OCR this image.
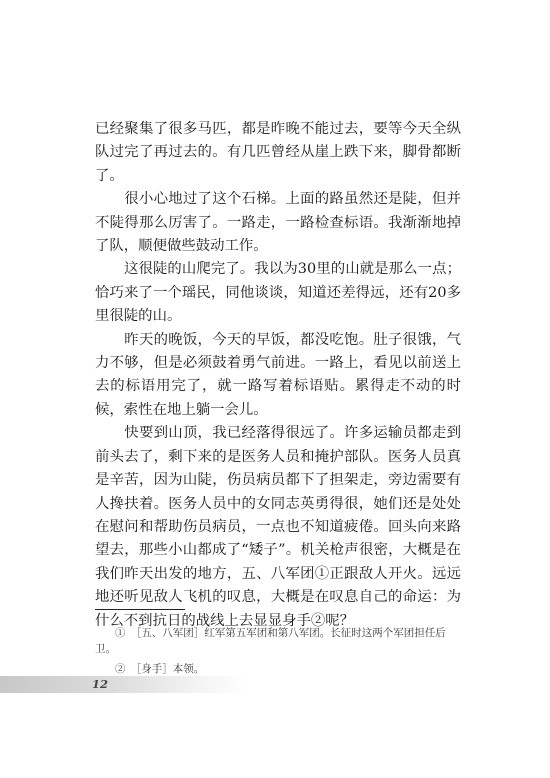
已经聚集了很多马匹，都是昨晚不能过去，要等今天全纵队过完了再过去的。有几匹曾经从崖上跌下来，脚骨都断了。

　　很小心地过了这个石梯。上面的路虽然还是陡，但并不陡得那么厉害了。一路走，一路检查标语。我渐渐地掉了队，顺便做些鼓动工作。

　　这很陡的山爬完了。我以为30里的山就是那么一点；恰巧来了一个瑶民，同他谈谈，知道还差得远，还有20多里很陡的山。

　　昨天的晚饭，今天的早饭，都没吃饱。肚子很饿，气力不够，但是必须鼓着勇气前进。一路上，看见以前送上去的标语用完了，就一路写着标语贴。累得走不动的时候，索性在地上躺一会儿。

　　快要到山顶，我已经落得很远了。许多运输员都走到前头去了，剩下来的是医务人员和掩护部队。医务人员真是辛苦，因为山陡，伤员病员都下了担架走，旁边需要有人搀扶着。医务人员中的女同志英勇得很，她们还是处处在慰问和帮助伤员病员，一点也不知道疲倦。回头向来路望去，那些小山都成了“矮子”。机关枪声很密，大概是在我们昨天出发的地方，五、八军团①正跟敌人开火。远远地还听见敌人飞机的叹息，大概是在叹息自己的命运：为什么不到抗日的战线上去显显身手②呢？

①　［五、八军团］红军第五军团和第八军团。长征时这两个军团担任后卫。

②　［身手］本领。

12
